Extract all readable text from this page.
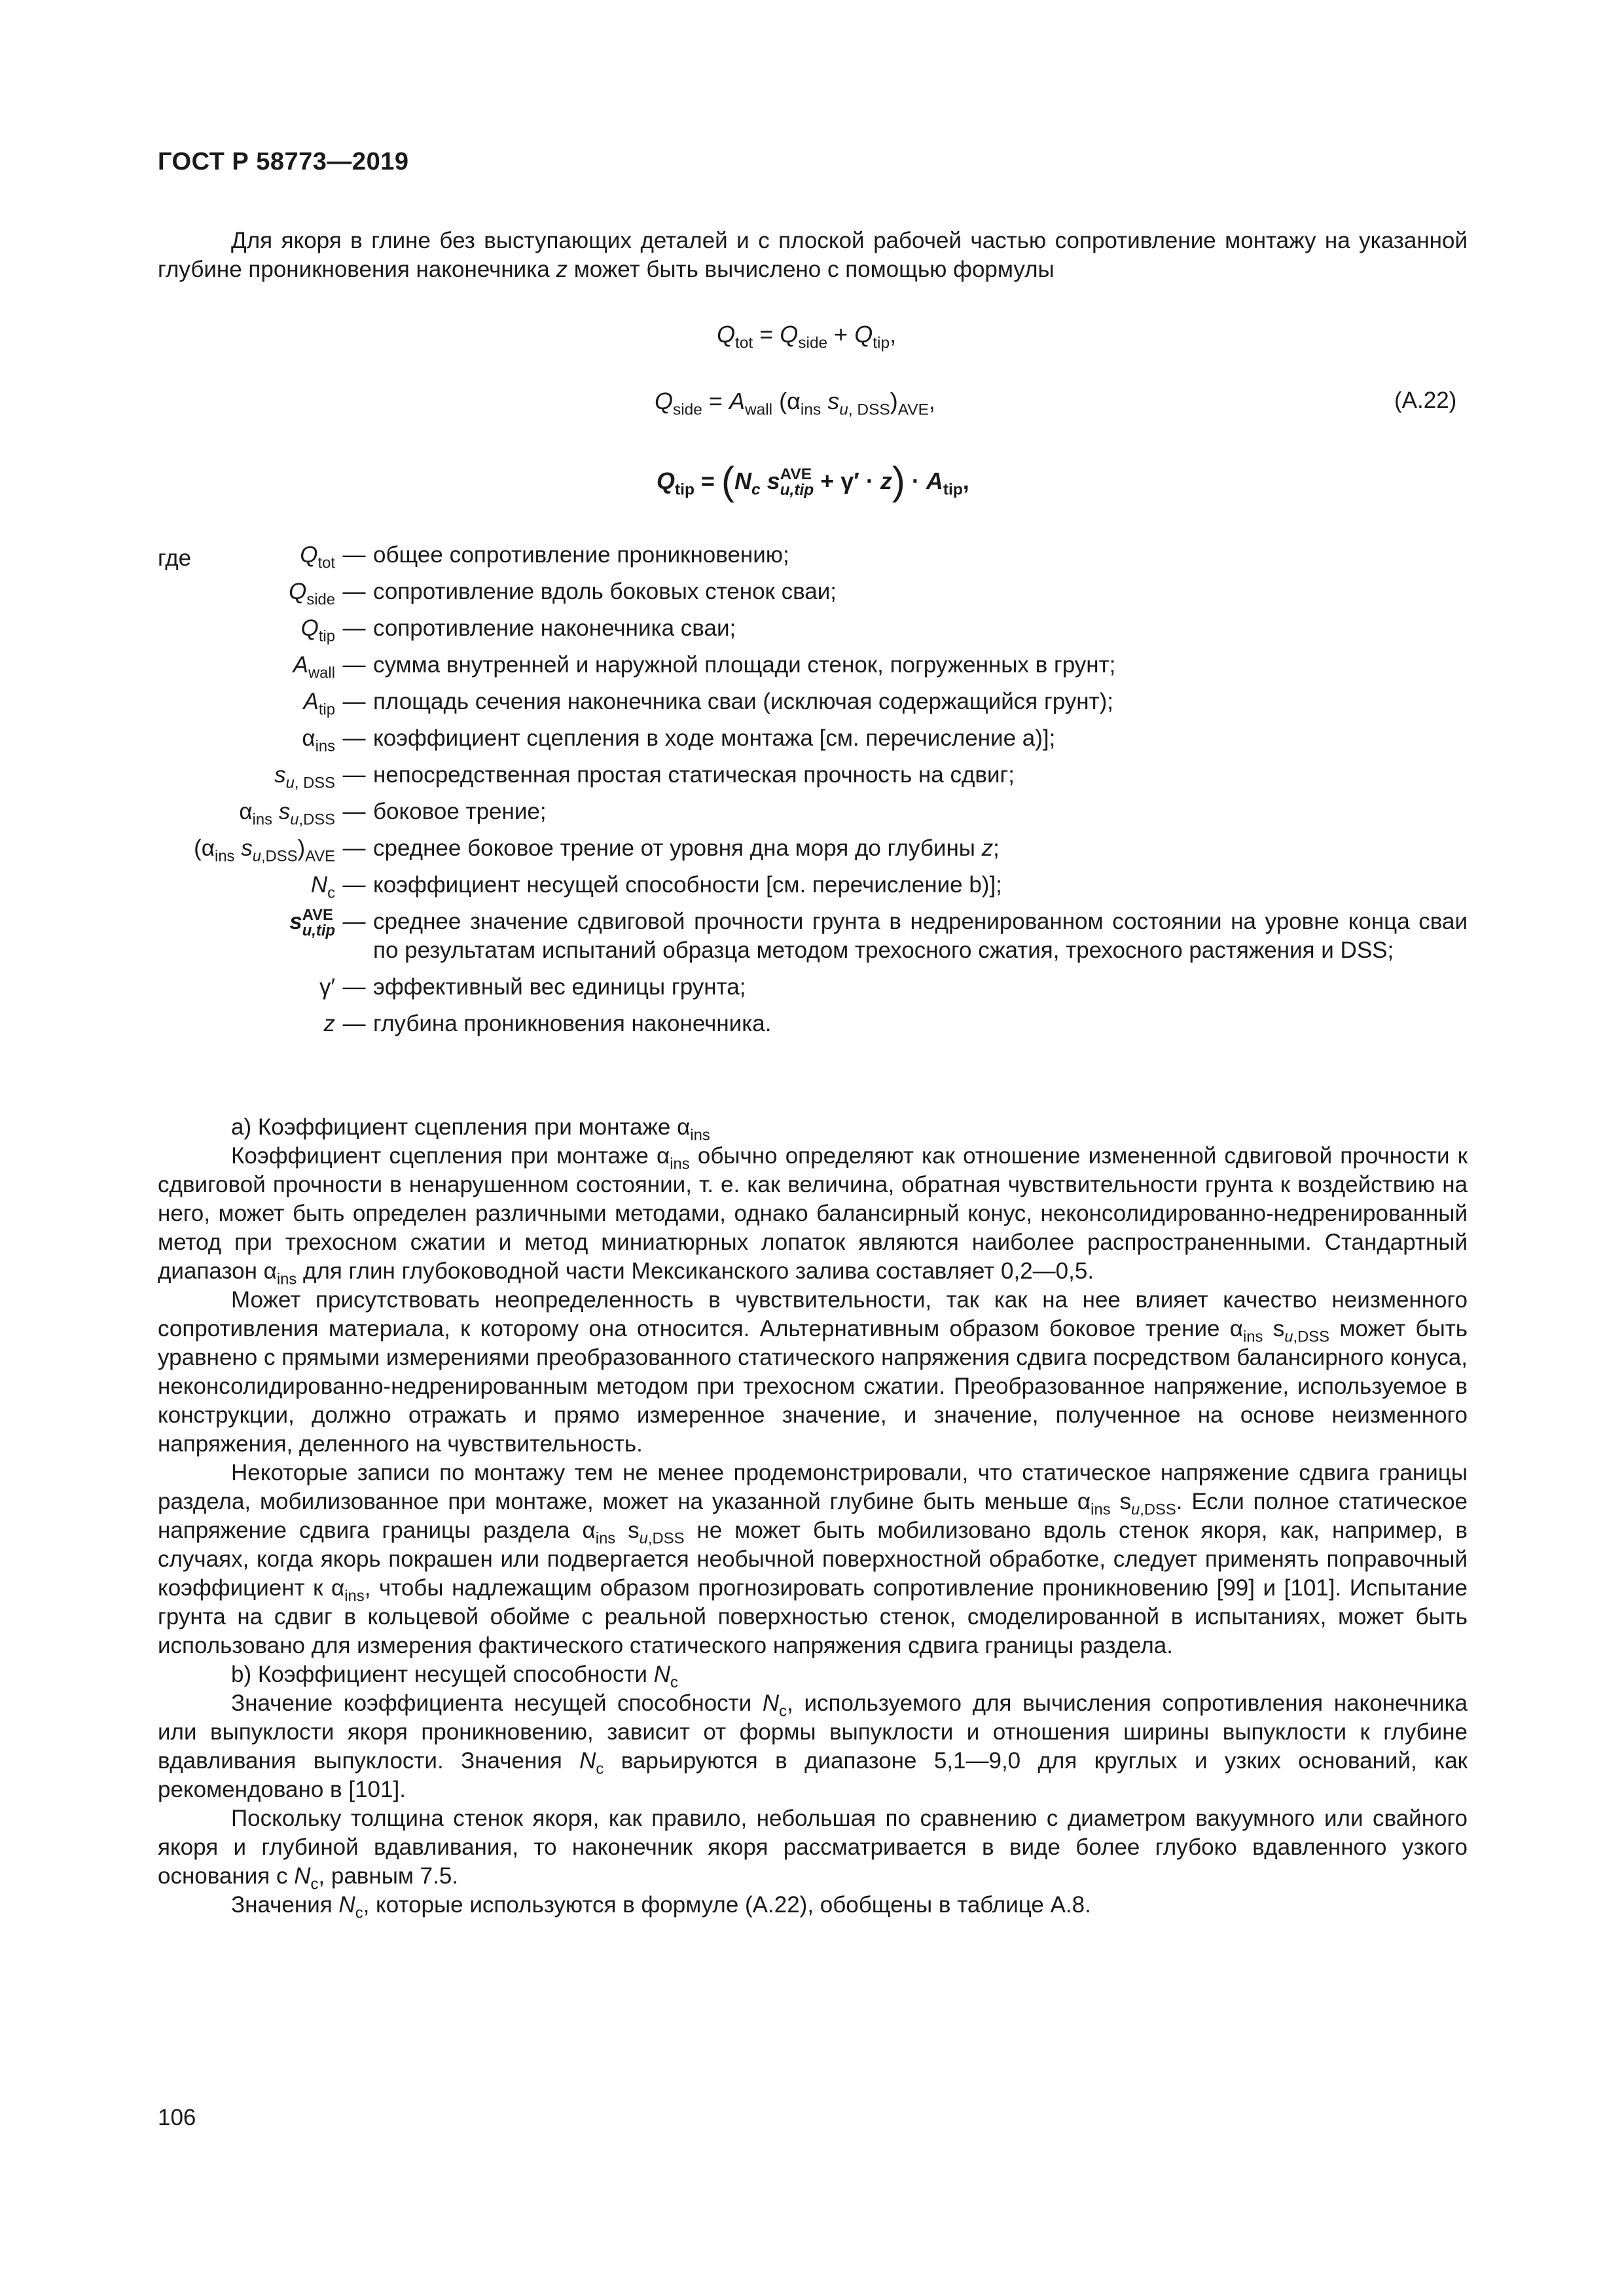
ГОСТ Р 58773—2019

Для якоря в глине без выступающих деталей и с плоской рабочей частью сопротивление монтажу на указанной глубине проникновения наконечника z может быть вычислено с помощью формулы

$Q_{tot} = Q_{side} + Q_{tip}$,
$Q_{side} = A_{wall}$ ($\alpha_{ins}$ $s_{u, DSS})_{AVE}$,	(A.22)
$Q_{tip} = (N_c$ s AVE
$u,tip + \gamma' \cdot z) \cdot A_{tip}$,
где	$Q_{tot}$ — общее сопротивление проникновению;
$Q_{side}$ — сопротивление вдоль боковых стенок сваи;
$Q_{tip}$ — сопротивление наконечника сваи;
$A_{wall}$ — сумма внутренней и наружной площади стенок, погруженных в грунт;
$A_{tip}$ — площадь сечения наконечника сваи (исключая содержащийся грунт);
$\alpha_{ins}$ — коэффициент сцепления в ходе монтажа [см. перечисление а)];
$s_{u, DSS}$ — непосредственная простая статическая прочность на сдвиг;
$\alpha_{ins}$ $s_{u,DSS}$ — боковое трение;
($\alpha_{ins}$ $s_{u,DSS})_{AVE}$ — среднее боковое трение от уровня дна моря до глубины z;
$N_c$ — коэффициент несущей способности [см. перечисление b)];
s AVE
u,tip — среднее значение сдвиговой прочности грунта в недренированном состоянии на уровне конца сваи по результатам испытаний образца методом трехосного сжатия, трехосного растяжения и DSS;
γ′ — эффективный вес единицы грунта;
z — глубина проникновения наконечника.

а) Коэффициент сцепления при монтаже $\alpha_{ins}$

Коэффициент сцепления при монтаже $\alpha_{ins}$ обычно определяют как отношение измененной сдвиговой прочности к сдвиговой прочности в ненарушенном состоянии, т. е. как величина, обратная чувствительности грунта к воздействию на него, может быть определен различными методами, однако балансирный конус, неконсолидированно-недренированный метод при трехосном сжатии и метод миниатюрных лопаток являются наиболее распространенными. Стандартный диапазон $\alpha_{ins}$ для глин глубоководной части Мексиканского залива составляет 0,2—0,5.

Может присутствовать неопределенность в чувствительности, так как на нее влияет качество неизменного сопротивления материала, к которому она относится. Альтернативным образом боковое трение $\alpha_{ins}$ $s_{u,DSS}$ может быть уравнено с прямыми измерениями преобразованного статического напряжения сдвига посредством балансирного конуса, неконсолидированно-недренированным методом при трехосном сжатии. Преобразованное напряжение, используемое в конструкции, должно отражать и прямо измеренное значение, и значение, полученное на основе неизменного напряжения, деленного на чувствительность.

Некоторые записи по монтажу тем не менее продемонстрировали, что статическое напряжение сдвига границы раздела, мобилизованное при монтаже, может на указанной глубине быть меньше $\alpha_{ins}$ $s_{u,DSS}$. Если полное статическое напряжение сдвига границы раздела $\alpha_{ins}$ $s_{u,DSS}$ не может быть мобилизовано вдоль стенок якоря, как, например, в случаях, когда якорь покрашен или подвергается необычной поверхностной обработке, следует применять поправочный коэффициент к $\alpha_{ins}$, чтобы надлежащим образом прогнозировать сопротивление проникновению [99] и [101]. Испытание грунта на сдвиг в кольцевой обойме с реальной поверхностью стенок, смоделированной в испытаниях, может быть использовано для измерения фактического статического напряжения сдвига границы раздела.

b) Коэффициент несущей способности $N_c$

Значение коэффициента несущей способности $N_c$, используемого для вычисления сопротивления наконечника или выпуклости якоря проникновению, зависит от формы выпуклости и отношения ширины выпуклости к глубине вдавливания выпуклости. Значения $N_c$ варьируются в диапазоне 5,1—9,0 для круглых и узких оснований, как рекомендовано в [101].

Поскольку толщина стенок якоря, как правило, небольшая по сравнению с диаметром вакуумного или свайного якоря и глубиной вдавливания, то наконечник якоря рассматривается в виде более глубоко вдавленного узкого основания с $N_c$, равным 7.5.

Значения $N_c$, которые используются в формуле (A.22), обобщены в таблице A.8.

106
